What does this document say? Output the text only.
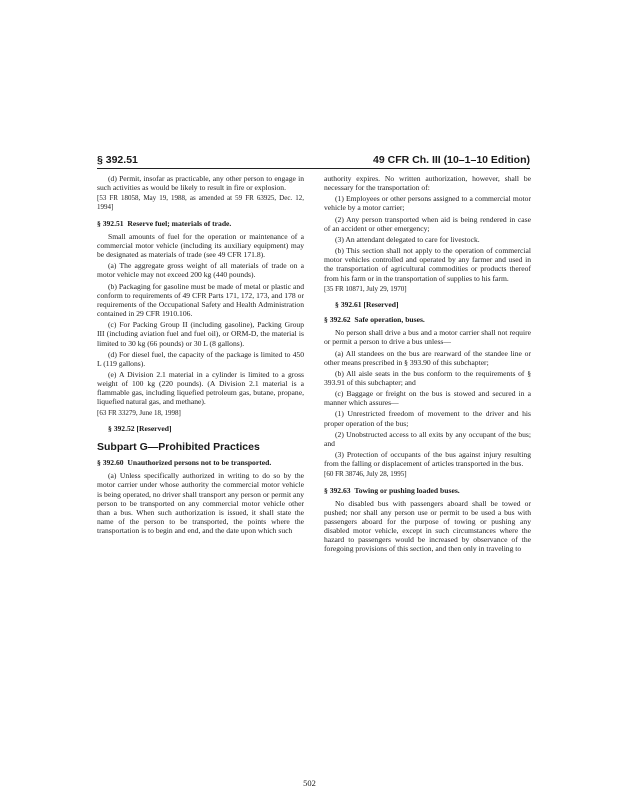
§ 392.51	49 CFR Ch. III (10–1–10 Edition)

(d) Permit, insofar as practicable, any other person to engage in such activities as would be likely to result in fire or explosion.

[53 FR 18058, May 19, 1988, as amended at 59 FR 63925, Dec. 12, 1994]

§ 392.51 Reserve fuel; materials of trade.

Small amounts of fuel for the operation or maintenance of a commercial motor vehicle (including its auxiliary equipment) may be designated as materials of trade (see 49 CFR 171.8).

(a) The aggregate gross weight of all materials of trade on a motor vehicle may not exceed 200 kg (440 pounds).

(b) Packaging for gasoline must be made of metal or plastic and conform to requirements of 49 CFR Parts 171, 172, 173, and 178 or requirements of the Occupational Safety and Health Administration contained in 29 CFR 1910.106.

(c) For Packing Group II (including gasoline), Packing Group III (including aviation fuel and fuel oil), or ORM-D, the material is limited to 30 kg (66 pounds) or 30 L (8 gallons).

(d) For diesel fuel, the capacity of the package is limited to 450 L (119 gallons).

(e) A Division 2.1 material in a cylinder is limited to a gross weight of 100 kg (220 pounds). (A Division 2.1 material is a flammable gas, including liquefied petroleum gas, butane, propane, liquefied natural gas, and methane).

[63 FR 33279, June 18, 1998]

§ 392.52 [Reserved]

Subpart G—Prohibited Practices

§ 392.60 Unauthorized persons not to be transported.

(a) Unless specifically authorized in writing to do so by the motor carrier under whose authority the commercial motor vehicle is being operated, no driver shall transport any person or permit any person to be transported on any commercial motor vehicle other than a bus. When such authorization is issued, it shall state the name of the person to be transported, the points where the transportation is to begin and end, and the date upon which such

authority expires. No written authorization, however, shall be necessary for the transportation of:

(1) Employees or other persons assigned to a commercial motor vehicle by a motor carrier;

(2) Any person transported when aid is being rendered in case of an accident or other emergency;

(3) An attendant delegated to care for livestock.

(b) This section shall not apply to the operation of commercial motor vehicles controlled and operated by any farmer and used in the transportation of agricultural commodities or products thereof from his farm or in the transportation of supplies to his farm.

[35 FR 10871, July 29, 1970]

§ 392.61 [Reserved]

§ 392.62 Safe operation, buses.

No person shall drive a bus and a motor carrier shall not require or permit a person to drive a bus unless—

(a) All standees on the bus are rearward of the standee line or other means prescribed in § 393.90 of this subchapter;

(b) All aisle seats in the bus conform to the requirements of § 393.91 of this subchapter; and

(c) Baggage or freight on the bus is stowed and secured in a manner which assures—

(1) Unrestricted freedom of movement to the driver and his proper operation of the bus;

(2) Unobstructed access to all exits by any occupant of the bus; and

(3) Protection of occupants of the bus against injury resulting from the falling or displacement of articles transported in the bus.

[60 FR 38746, July 28, 1995]

§ 392.63 Towing or pushing loaded buses.

No disabled bus with passengers aboard shall be towed or pushed; nor shall any person use or permit to be used a bus with passengers aboard for the purpose of towing or pushing any disabled motor vehicle, except in such circumstances where the hazard to passengers would be increased by observance of the foregoing provisions of this section, and then only in traveling to

502
